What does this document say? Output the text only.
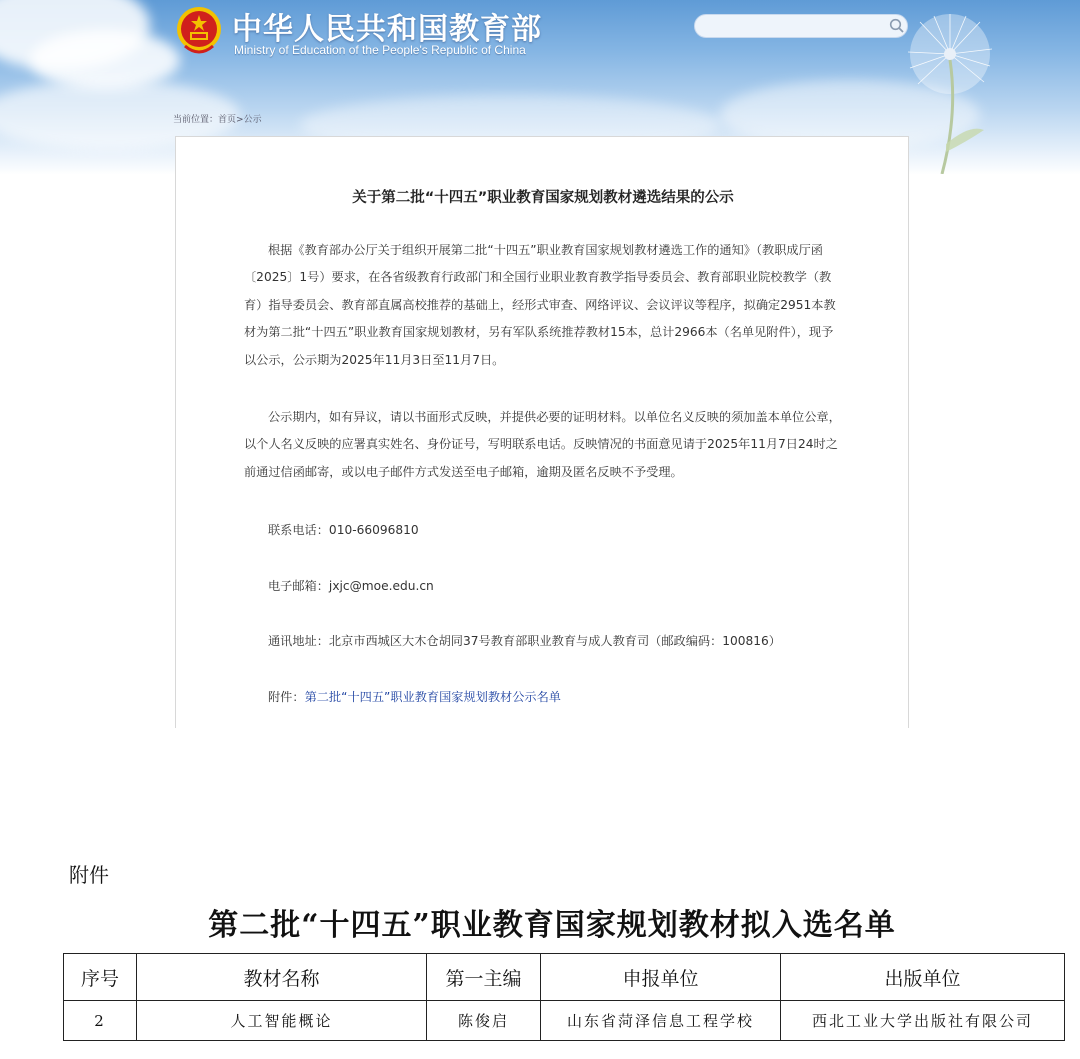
中华人民共和国教育部
Ministry of Education of the People's Republic of China
当前位置：首页>公示
关于第二批“十四五”职业教育国家规划教材遴选结果的公示
根据《教育部办公厅关于组织开展第二批“十四五”职业教育国家规划教材遴选工作的通知》（教职成厅函〔2025〕1号）要求，在各省级教育行政部门和全国行业职业教育教学指导委员会、教育部职业院校教学（教育）指导委员会、教育部直属高校推荐的基础上，经形式审查、网络评议、会议评议等程序，拟确定2951本教材为第二批“十四五”职业教育国家规划教材，另有军队系统推荐教材15本，总计2966本（名单见附件），现予以公示，公示期为2025年11月3日至11月7日。
公示期内，如有异议，请以书面形式反映，并提供必要的证明材料。以单位名义反映的须加盖本单位公章，以个人名义反映的应署真实姓名、身份证号，写明联系电话。反映情况的书面意见请于2025年11月7日24时之前通过信函邮寄，或以电子邮件方式发送至电子邮箱，逾期及匿名反映不予受理。
联系电话：010-66096810
电子邮箱：jxjc@moe.edu.cn
通讯地址：北京市西城区大木仓胡同37号教育部职业教育与成人教育司（邮政编码：100816）
附件：第二批“十四五”职业教育国家规划教材公示名单
附件
第二批“十四五”职业教育国家规划教材拟入选名单
序号	教材名称	第一主编	申报单位	出版单位
2	人工智能概论	陈俊启	山东省菏泽信息工程学校	西北工业大学出版社有限公司
